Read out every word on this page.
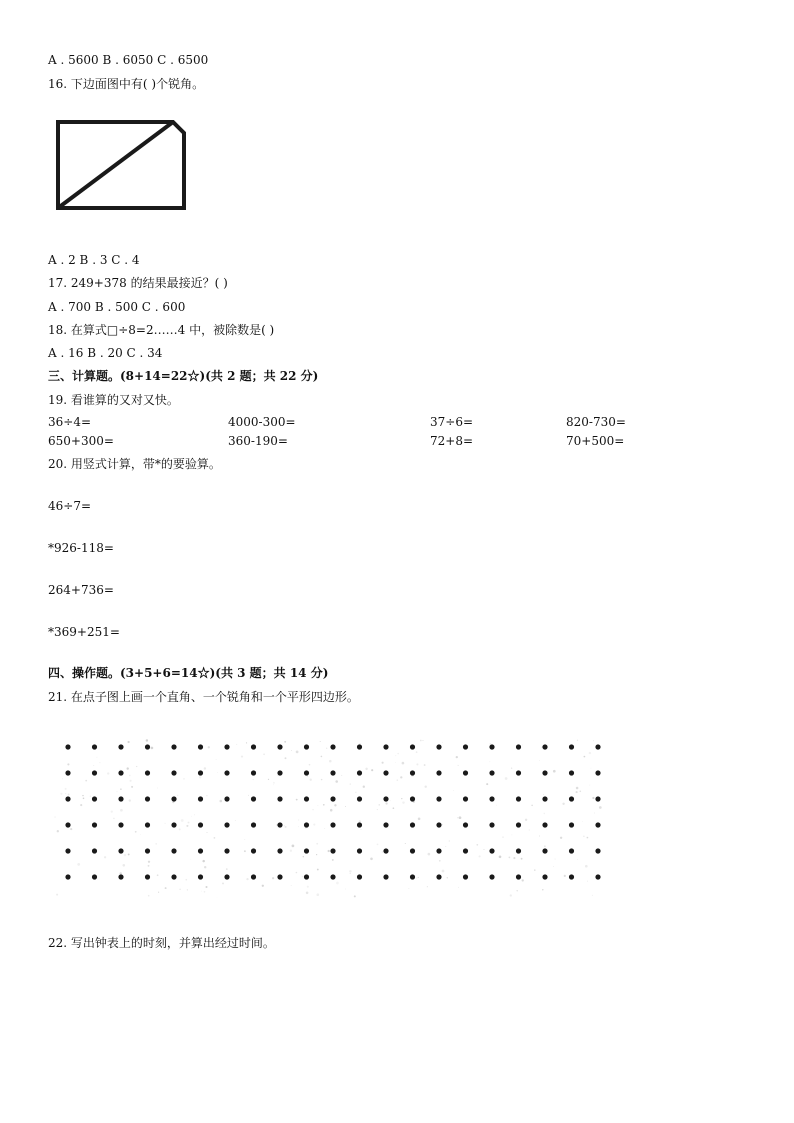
A . 5600 B . 6050 C . 6500
16. 下边面图中有( )个锐角。
A . 2 B . 3 C . 4
17. 249+378 的结果最接近？( )
A . 700 B . 500 C . 600
18. 在算式□÷8=2……4 中，被除数是( )
A . 16 B . 20 C . 34
三、计算题。(8+14=22☆)(共 2 题；共 22 分)
19. 看谁算的又对又快。
36÷4=	4000-300=	37÷6=	820-730=
650+300=	360-190=	72+8=	70+500=
20. 用竖式计算，带*的要验算。
46÷7=
*926-118=
264+736=
*369+251=
四、操作题。(3+5+6=14☆)(共 3 题；共 14 分)
21. 在点子图上画一个直角、一个锐角和一个平形四边形。
22. 写出钟表上的时刻，并算出经过时间。
